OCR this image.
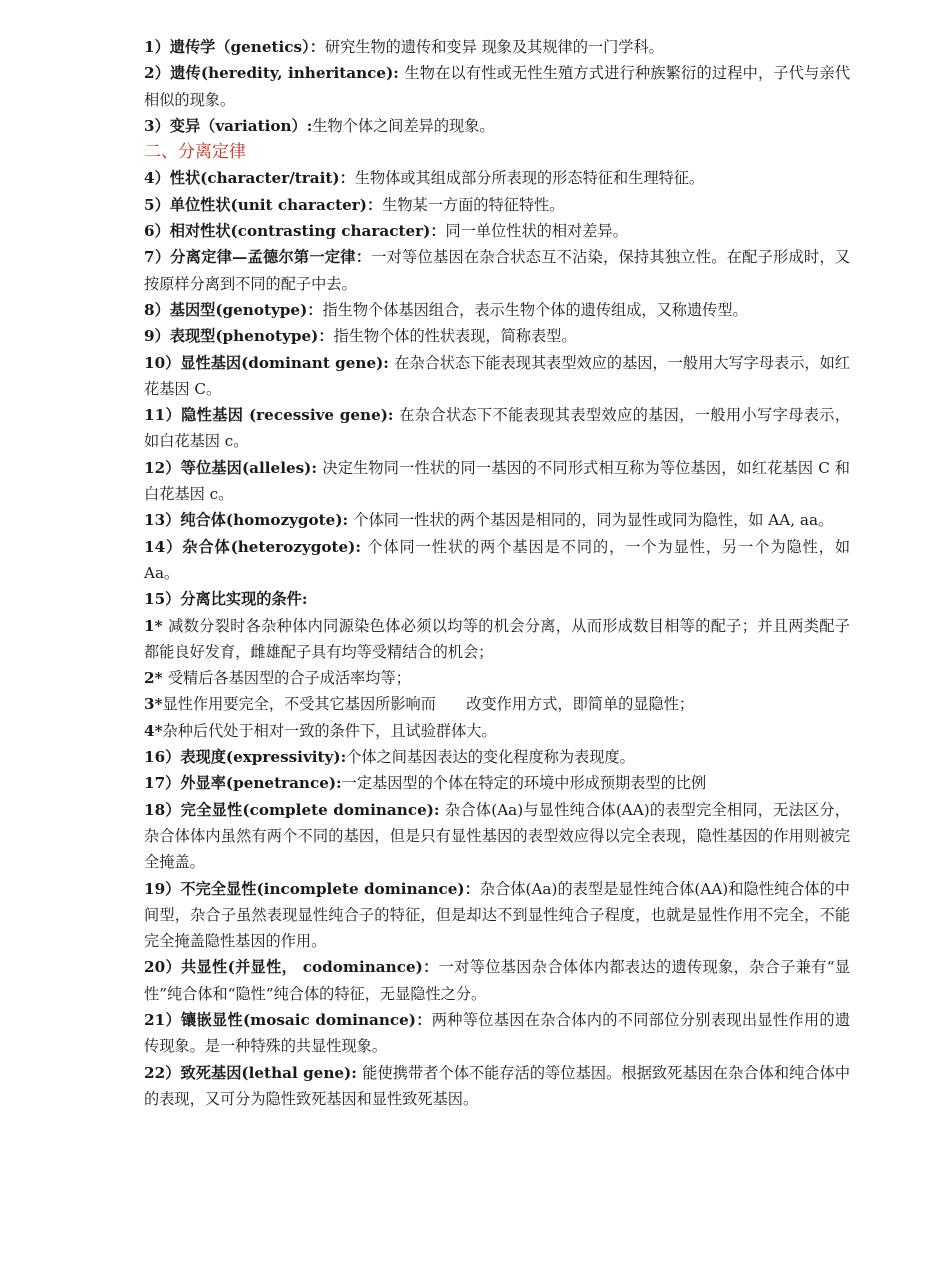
1）遗传学（genetics）：研究生物的遗传和变异 现象及其规律的一门学科。

2）遗传(heredity, inheritance): 生物在以有性或无性生殖方式进行种族繁衍的过程中，子代与亲代相似的现象。

3）变异（variation）:生物个体之间差异的现象。

二、分离定律

4）性状(character/trait)：生物体或其组成部分所表现的形态特征和生理特征。

5）单位性状(unit character)：生物某一方面的特征特性。

6）相对性状(contrasting character)：同一单位性状的相对差异。

7）分离定律—孟德尔第一定律：一对等位基因在杂合状态互不沾染，保持其独立性。在配子形成时，又按原样分离到不同的配子中去。

8）基因型(genotype)：指生物个体基因组合，表示生物个体的遗传组成，又称遗传型。

9）表现型(phenotype)：指生物个体的性状表现，简称表型。

10）显性基因(dominant gene): 在杂合状态下能表现其表型效应的基因，一般用大写字母表示，如红花基因 C。

11）隐性基因 (recessive gene): 在杂合状态下不能表现其表型效应的基因，一般用小写字母表示，如白花基因 c。

12）等位基因(alleles): 决定生物同一性状的同一基因的不同形式相互称为等位基因，如红花基因 C 和白花基因 c。

13）纯合体(homozygote): 个体同一性状的两个基因是相同的，同为显性或同为隐性，如 AA, aa。

14）杂合体(heterozygote): 个体同一性状的两个基因是不同的，一个为显性，另一个为隐性，如 Aa。

15）分离比实现的条件:

1* 减数分裂时各杂种体内同源染色体必须以均等的机会分离，从而形成数目相等的配子；并且两类配子都能良好发育，雌雄配子具有均等受精结合的机会；

2* 受精后各基因型的合子成活率均等；

3*显性作用要完全，不受其它基因所影响而　　改变作用方式，即简单的显隐性；

4*杂种后代处于相对一致的条件下，且试验群体大。

16）表现度(expressivity):个体之间基因表达的变化程度称为表现度。

17）外显率(penetrance):一定基因型的个体在特定的环境中形成预期表型的比例

18）完全显性(complete dominance): 杂合体(Aa)与显性纯合体(AA)的表型完全相同，无法区分，杂合体体内虽然有两个不同的基因，但是只有显性基因的表型效应得以完全表现，隐性基因的作用则被完全掩盖。

19）不完全显性(incomplete dominance)：杂合体(Aa)的表型是显性纯合体(AA)和隐性纯合体的中间型，杂合子虽然表现显性纯合子的特征，但是却达不到显性纯合子程度，也就是显性作用不完全，不能完全掩盖隐性基因的作用。

20）共显性(并显性， codominance)：一对等位基因杂合体体内都表达的遗传现象，杂合子兼有“显性”纯合体和“隐性”纯合体的特征，无显隐性之分。

21）镶嵌显性(mosaic dominance)：两种等位基因在杂合体内的不同部位分别表现出显性作用的遗传现象。是一种特殊的共显性现象。

22）致死基因(lethal gene): 能使携带者个体不能存活的等位基因。根据致死基因在杂合体和纯合体中的表现，又可分为隐性致死基因和显性致死基因。
